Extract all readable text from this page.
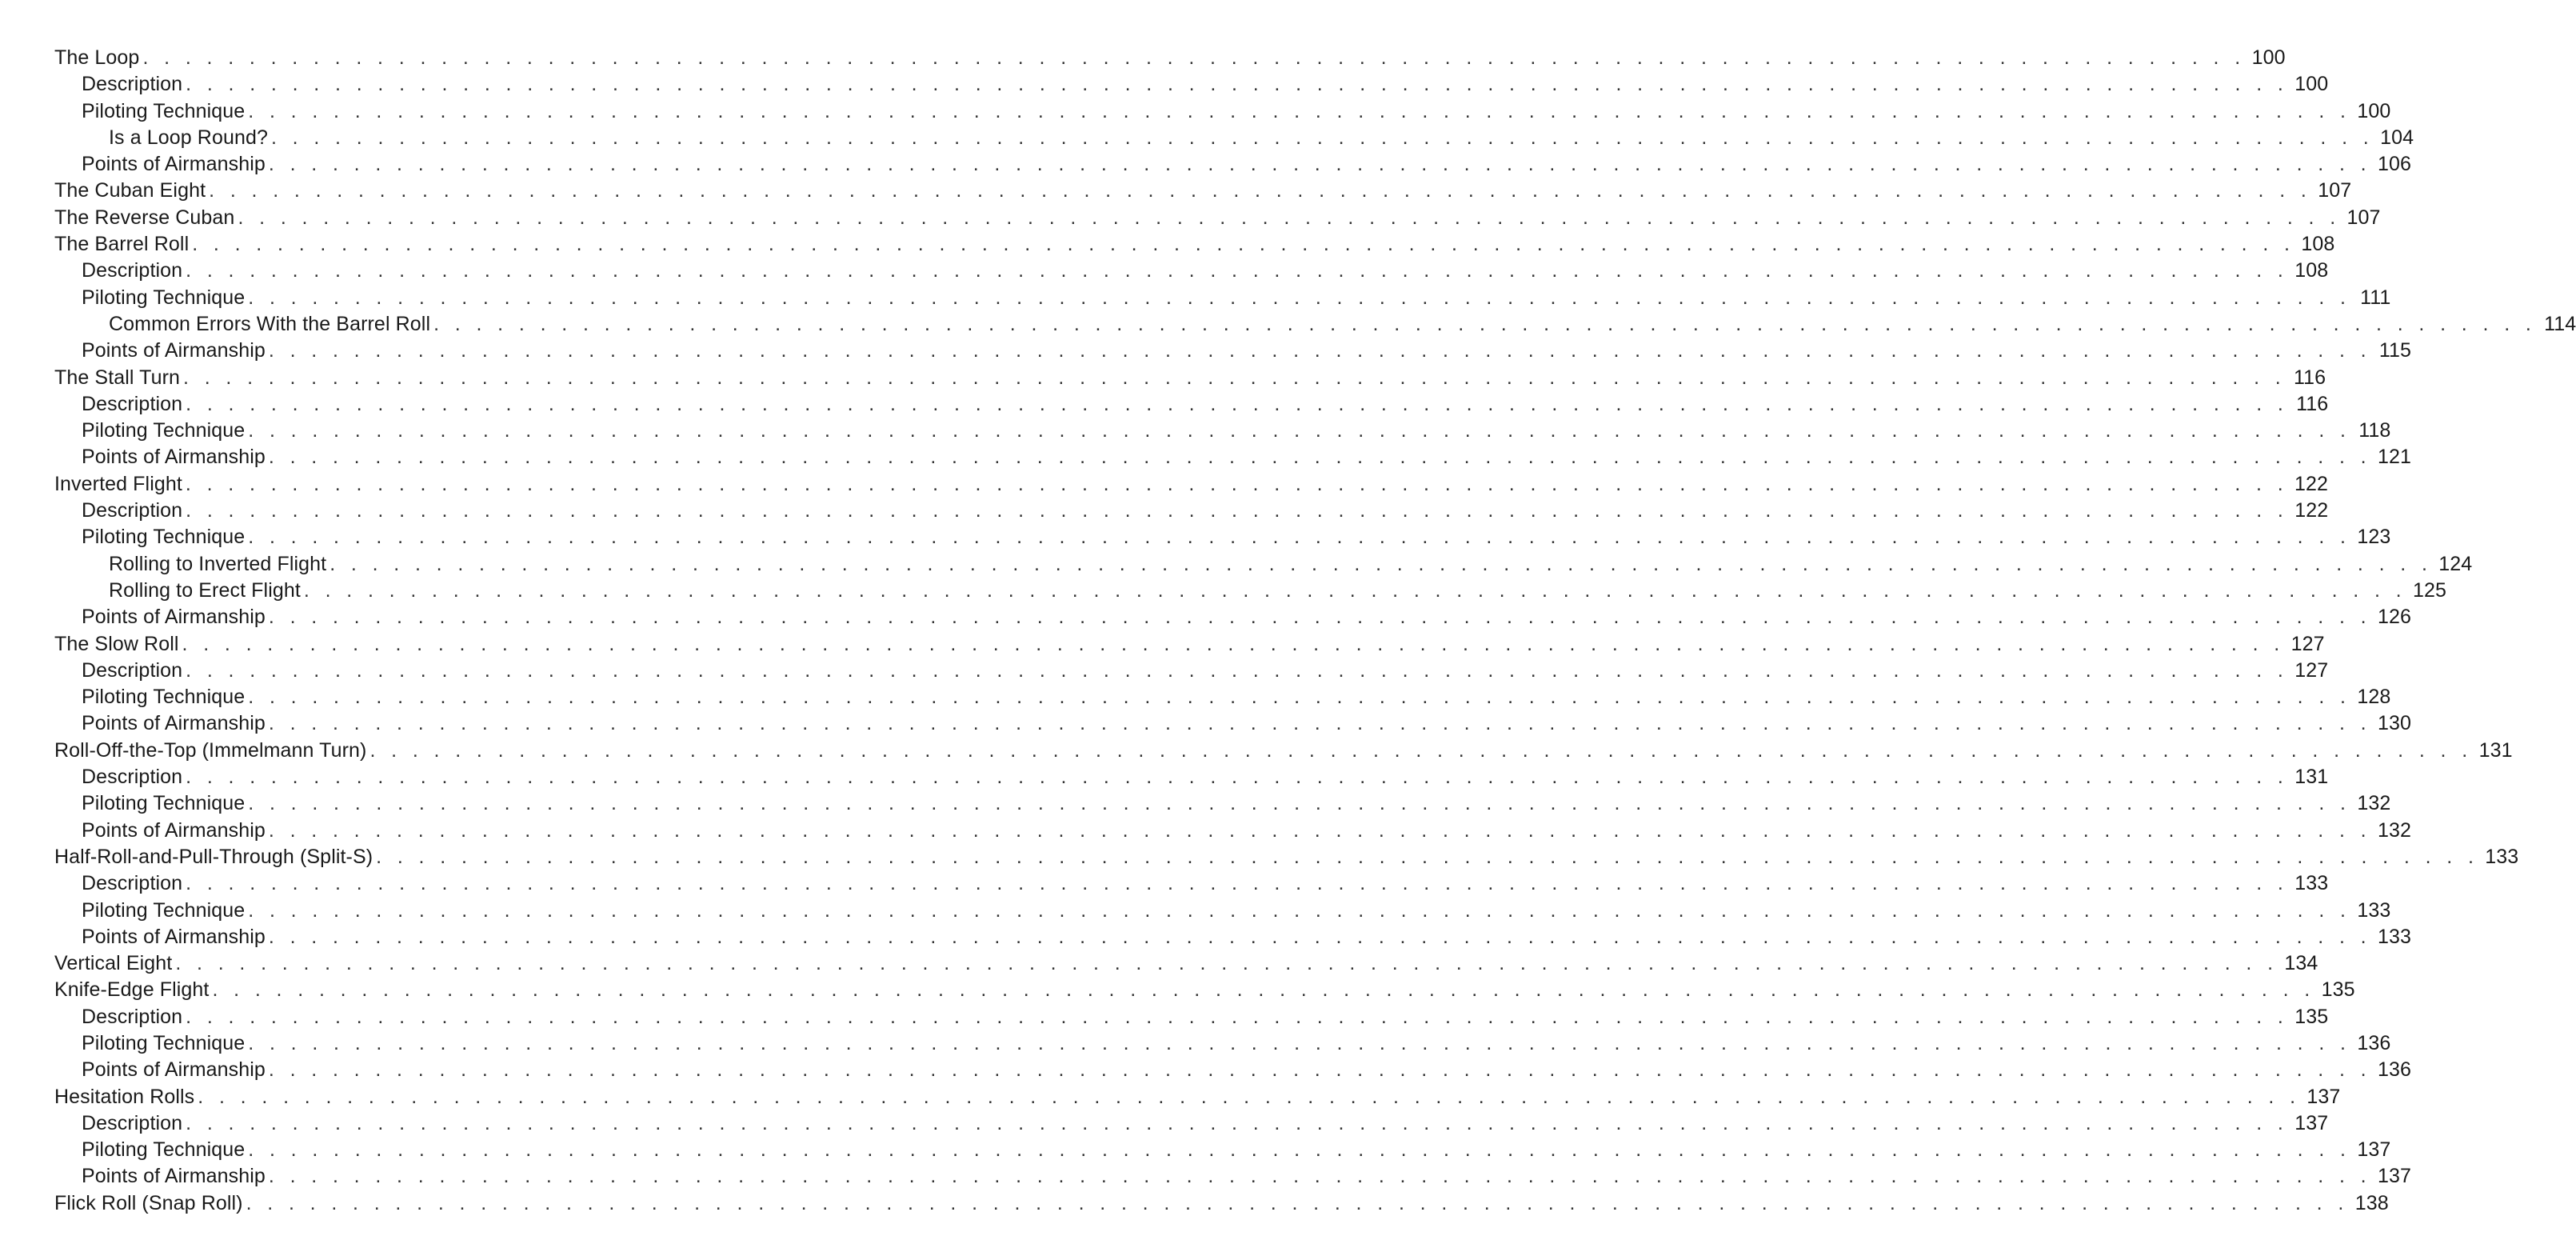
The Loop . . . . . . . . . . . . . . . . . . . . . . . . . . . . . . . . . . . . . . . . . . . . . . . . . . . . . . . . . . . . . . . . . . . . . . . . . . . . . . . . . . . . . . . . . . . . . . . . . . . 100
Description . . . . . . . . . . . . . . . . . . . . . . . . . . . . . . . . . . . . . . . . . . . . . . . . . . . . . . . . . . . . . . . . . . . . . . . . . . . . . . . . . . . . . . . . . . . . . . . . . . . 100
Piloting Technique . . . . . . . . . . . . . . . . . . . . . . . . . . . . . . . . . . . . . . . . . . . . . . . . . . . . . . . . . . . . . . . . . . . . . . . . . . . . . . . . . . . . . . . . . . . . . . . . . . . 100
Is a Loop Round? . . . . . . . . . . . . . . . . . . . . . . . . . . . . . . . . . . . . . . . . . . . . . . . . . . . . . . . . . . . . . . . . . . . . . . . . . . . . . . . . . . . . . . . . . . . . . . . . . . . 104
Points of Airmanship . . . . . . . . . . . . . . . . . . . . . . . . . . . . . . . . . . . . . . . . . . . . . . . . . . . . . . . . . . . . . . . . . . . . . . . . . . . . . . . . . . . . . . . . . . . . . . . . . . . 106
The Cuban Eight . . . . . . . . . . . . . . . . . . . . . . . . . . . . . . . . . . . . . . . . . . . . . . . . . . . . . . . . . . . . . . . . . . . . . . . . . . . . . . . . . . . . . . . . . . . . . . . . . . . 107
The Reverse Cuban . . . . . . . . . . . . . . . . . . . . . . . . . . . . . . . . . . . . . . . . . . . . . . . . . . . . . . . . . . . . . . . . . . . . . . . . . . . . . . . . . . . . . . . . . . . . . . . . . . . 107
The Barrel Roll . . . . . . . . . . . . . . . . . . . . . . . . . . . . . . . . . . . . . . . . . . . . . . . . . . . . . . . . . . . . . . . . . . . . . . . . . . . . . . . . . . . . . . . . . . . . . . . . . . . 108
Description . . . . . . . . . . . . . . . . . . . . . . . . . . . . . . . . . . . . . . . . . . . . . . . . . . . . . . . . . . . . . . . . . . . . . . . . . . . . . . . . . . . . . . . . . . . . . . . . . . . 108
Piloting Technique . . . . . . . . . . . . . . . . . . . . . . . . . . . . . . . . . . . . . . . . . . . . . . . . . . . . . . . . . . . . . . . . . . . . . . . . . . . . . . . . . . . . . . . . . . . . . . . . . . . 111
Common Errors With the Barrel Roll . . . . . . . . . . . . . . . . . . . . . . . . . . . . . . . . . . . . . . . . . . . . . . . . . . . . . . . . . . . . . . . . . . . . . . . . . . . . . . . . . . . . . . . . . . . . . . . . . . . 114
Points of Airmanship . . . . . . . . . . . . . . . . . . . . . . . . . . . . . . . . . . . . . . . . . . . . . . . . . . . . . . . . . . . . . . . . . . . . . . . . . . . . . . . . . . . . . . . . . . . . . . . . . . . 115
The Stall Turn . . . . . . . . . . . . . . . . . . . . . . . . . . . . . . . . . . . . . . . . . . . . . . . . . . . . . . . . . . . . . . . . . . . . . . . . . . . . . . . . . . . . . . . . . . . . . . . . . . . 116
Description . . . . . . . . . . . . . . . . . . . . . . . . . . . . . . . . . . . . . . . . . . . . . . . . . . . . . . . . . . . . . . . . . . . . . . . . . . . . . . . . . . . . . . . . . . . . . . . . . . . 116
Piloting Technique . . . . . . . . . . . . . . . . . . . . . . . . . . . . . . . . . . . . . . . . . . . . . . . . . . . . . . . . . . . . . . . . . . . . . . . . . . . . . . . . . . . . . . . . . . . . . . . . . . . 118
Points of Airmanship . . . . . . . . . . . . . . . . . . . . . . . . . . . . . . . . . . . . . . . . . . . . . . . . . . . . . . . . . . . . . . . . . . . . . . . . . . . . . . . . . . . . . . . . . . . . . . . . . . . 121
Inverted Flight . . . . . . . . . . . . . . . . . . . . . . . . . . . . . . . . . . . . . . . . . . . . . . . . . . . . . . . . . . . . . . . . . . . . . . . . . . . . . . . . . . . . . . . . . . . . . . . . . . . 122
Description . . . . . . . . . . . . . . . . . . . . . . . . . . . . . . . . . . . . . . . . . . . . . . . . . . . . . . . . . . . . . . . . . . . . . . . . . . . . . . . . . . . . . . . . . . . . . . . . . . . 122
Piloting Technique . . . . . . . . . . . . . . . . . . . . . . . . . . . . . . . . . . . . . . . . . . . . . . . . . . . . . . . . . . . . . . . . . . . . . . . . . . . . . . . . . . . . . . . . . . . . . . . . . . . 123
Rolling to Inverted Flight . . . . . . . . . . . . . . . . . . . . . . . . . . . . . . . . . . . . . . . . . . . . . . . . . . . . . . . . . . . . . . . . . . . . . . . . . . . . . . . . . . . . . . . . . . . . . . . . . . . 124
Rolling to Erect Flight . . . . . . . . . . . . . . . . . . . . . . . . . . . . . . . . . . . . . . . . . . . . . . . . . . . . . . . . . . . . . . . . . . . . . . . . . . . . . . . . . . . . . . . . . . . . . . . . . . . 125
Points of Airmanship . . . . . . . . . . . . . . . . . . . . . . . . . . . . . . . . . . . . . . . . . . . . . . . . . . . . . . . . . . . . . . . . . . . . . . . . . . . . . . . . . . . . . . . . . . . . . . . . . . . 126
The Slow Roll . . . . . . . . . . . . . . . . . . . . . . . . . . . . . . . . . . . . . . . . . . . . . . . . . . . . . . . . . . . . . . . . . . . . . . . . . . . . . . . . . . . . . . . . . . . . . . . . . . . 127
Description . . . . . . . . . . . . . . . . . . . . . . . . . . . . . . . . . . . . . . . . . . . . . . . . . . . . . . . . . . . . . . . . . . . . . . . . . . . . . . . . . . . . . . . . . . . . . . . . . . . 127
Piloting Technique . . . . . . . . . . . . . . . . . . . . . . . . . . . . . . . . . . . . . . . . . . . . . . . . . . . . . . . . . . . . . . . . . . . . . . . . . . . . . . . . . . . . . . . . . . . . . . . . . . . 128
Points of Airmanship . . . . . . . . . . . . . . . . . . . . . . . . . . . . . . . . . . . . . . . . . . . . . . . . . . . . . . . . . . . . . . . . . . . . . . . . . . . . . . . . . . . . . . . . . . . . . . . . . . . 130
Roll-Off-the-Top (Immelmann Turn) . . . . . . . . . . . . . . . . . . . . . . . . . . . . . . . . . . . . . . . . . . . . . . . . . . . . . . . . . . . . . . . . . . . . . . . . . . . . . . . . . . . . . . . . . . . . . . . . . . . 131
Description . . . . . . . . . . . . . . . . . . . . . . . . . . . . . . . . . . . . . . . . . . . . . . . . . . . . . . . . . . . . . . . . . . . . . . . . . . . . . . . . . . . . . . . . . . . . . . . . . . . 131
Piloting Technique . . . . . . . . . . . . . . . . . . . . . . . . . . . . . . . . . . . . . . . . . . . . . . . . . . . . . . . . . . . . . . . . . . . . . . . . . . . . . . . . . . . . . . . . . . . . . . . . . . . 132
Points of Airmanship . . . . . . . . . . . . . . . . . . . . . . . . . . . . . . . . . . . . . . . . . . . . . . . . . . . . . . . . . . . . . . . . . . . . . . . . . . . . . . . . . . . . . . . . . . . . . . . . . . . 132
Half-Roll-and-Pull-Through (Split-S) . . . . . . . . . . . . . . . . . . . . . . . . . . . . . . . . . . . . . . . . . . . . . . . . . . . . . . . . . . . . . . . . . . . . . . . . . . . . . . . . . . . . . . . . . . . . . . . . . . . 133
Description . . . . . . . . . . . . . . . . . . . . . . . . . . . . . . . . . . . . . . . . . . . . . . . . . . . . . . . . . . . . . . . . . . . . . . . . . . . . . . . . . . . . . . . . . . . . . . . . . . . 133
Piloting Technique . . . . . . . . . . . . . . . . . . . . . . . . . . . . . . . . . . . . . . . . . . . . . . . . . . . . . . . . . . . . . . . . . . . . . . . . . . . . . . . . . . . . . . . . . . . . . . . . . . . 133
Points of Airmanship . . . . . . . . . . . . . . . . . . . . . . . . . . . . . . . . . . . . . . . . . . . . . . . . . . . . . . . . . . . . . . . . . . . . . . . . . . . . . . . . . . . . . . . . . . . . . . . . . . . 133
Vertical Eight . . . . . . . . . . . . . . . . . . . . . . . . . . . . . . . . . . . . . . . . . . . . . . . . . . . . . . . . . . . . . . . . . . . . . . . . . . . . . . . . . . . . . . . . . . . . . . . . . . . 134
Knife-Edge Flight . . . . . . . . . . . . . . . . . . . . . . . . . . . . . . . . . . . . . . . . . . . . . . . . . . . . . . . . . . . . . . . . . . . . . . . . . . . . . . . . . . . . . . . . . . . . . . . . . . . 135
Description . . . . . . . . . . . . . . . . . . . . . . . . . . . . . . . . . . . . . . . . . . . . . . . . . . . . . . . . . . . . . . . . . . . . . . . . . . . . . . . . . . . . . . . . . . . . . . . . . . . 135
Piloting Technique . . . . . . . . . . . . . . . . . . . . . . . . . . . . . . . . . . . . . . . . . . . . . . . . . . . . . . . . . . . . . . . . . . . . . . . . . . . . . . . . . . . . . . . . . . . . . . . . . . . 136
Points of Airmanship . . . . . . . . . . . . . . . . . . . . . . . . . . . . . . . . . . . . . . . . . . . . . . . . . . . . . . . . . . . . . . . . . . . . . . . . . . . . . . . . . . . . . . . . . . . . . . . . . . . 136
Hesitation Rolls . . . . . . . . . . . . . . . . . . . . . . . . . . . . . . . . . . . . . . . . . . . . . . . . . . . . . . . . . . . . . . . . . . . . . . . . . . . . . . . . . . . . . . . . . . . . . . . . . . . 137
Description . . . . . . . . . . . . . . . . . . . . . . . . . . . . . . . . . . . . . . . . . . . . . . . . . . . . . . . . . . . . . . . . . . . . . . . . . . . . . . . . . . . . . . . . . . . . . . . . . . . 137
Piloting Technique . . . . . . . . . . . . . . . . . . . . . . . . . . . . . . . . . . . . . . . . . . . . . . . . . . . . . . . . . . . . . . . . . . . . . . . . . . . . . . . . . . . . . . . . . . . . . . . . . . . 137
Points of Airmanship . . . . . . . . . . . . . . . . . . . . . . . . . . . . . . . . . . . . . . . . . . . . . . . . . . . . . . . . . . . . . . . . . . . . . . . . . . . . . . . . . . . . . . . . . . . . . . . . . . . 137
Flick Roll (Snap Roll) . . . . . . . . . . . . . . . . . . . . . . . . . . . . . . . . . . . . . . . . . . . . . . . . . . . . . . . . . . . . . . . . . . . . . . . . . . . . . . . . . . . . . . . . . . . . . . . . . . . 138
